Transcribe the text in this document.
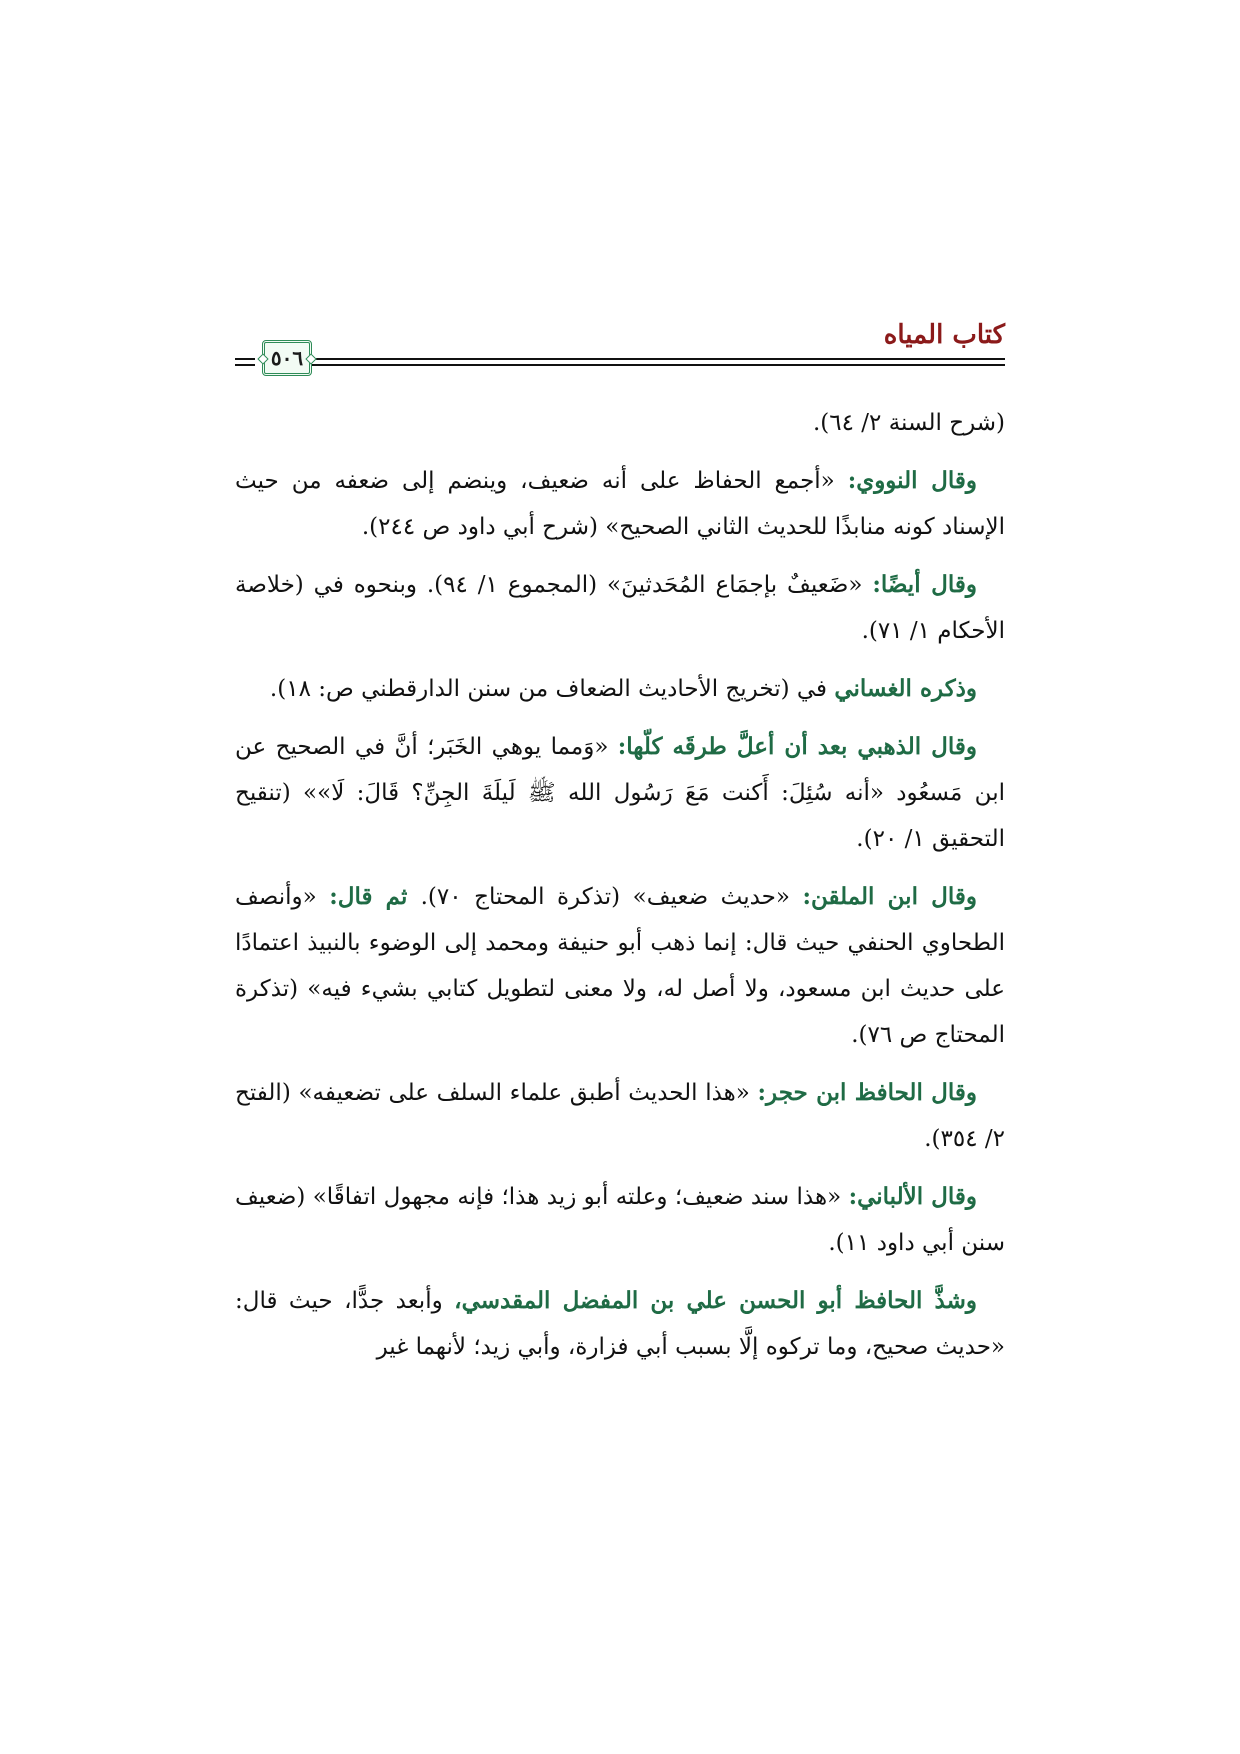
كتاب المياه
٥٠٦

(شرح السنة ٢/ ٦٤).

وقال النووي: «أجمع الحفاظ على أنه ضعيف، وينضم إلى ضعفه من حيث الإسناد كونه منابذًا للحديث الثاني الصحيح» (شرح أبي داود ص ٢٤٤).

وقال أيضًا: «ضَعيفٌ بإجمَاع المُحَدثينَ» (المجموع ١/ ٩٤). وبنحوه في (خلاصة الأحكام ١/ ٧١).

وذكره الغساني في (تخريج الأحاديث الضعاف من سنن الدارقطني ص: ١٨).

وقال الذهبي بعد أن أعلَّ طرقَه كلّها: «وَمما يوهي الخَبَر؛ أنَّ في الصحيح عن ابن مَسعُود «أنه سُئِلَ: أَكنت مَعَ رَسُول الله ﷺ لَيلَةَ الجِنِّ؟ قَالَ: لَا»» (تنقيح التحقيق ١/ ٢٠).

وقال ابن الملقن: «حديث ضعيف» (تذكرة المحتاج ٧٠). ثم قال: «وأنصف الطحاوي الحنفي حيث قال: إنما ذهب أبو حنيفة ومحمد إلى الوضوء بالنبيذ اعتمادًا على حديث ابن مسعود، ولا أصل له، ولا معنى لتطويل كتابي بشيء فيه» (تذكرة المحتاج ص ٧٦).

وقال الحافظ ابن حجر: «هذا الحديث أطبق علماء السلف على تضعيفه» (الفتح ٢/ ٣٥٤).

وقال الألباني: «هذا سند ضعيف؛ وعلته أبو زيد هذا؛ فإنه مجهول اتفاقًا» (ضعيف سنن أبي داود ١١).

وشذَّ الحافظ أبو الحسن علي بن المفضل المقدسي، وأبعد جدًّا، حيث قال: «حديث صحيح، وما تركوه إلَّا بسبب أبي فزارة، وأبي زيد؛ لأنهما غير
